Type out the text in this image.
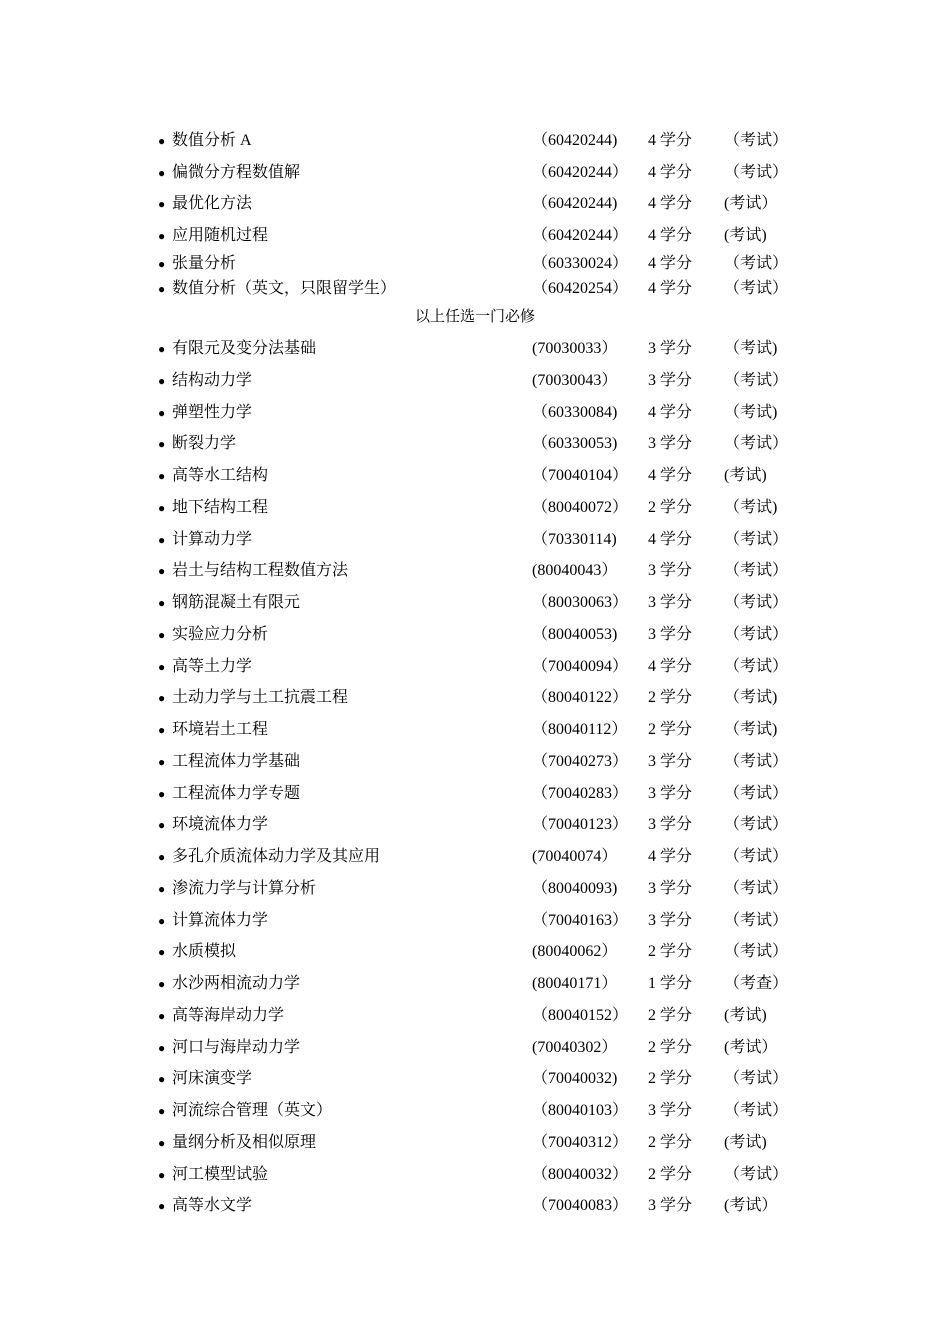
● 数值分析 A	（60420244) 4 学分 （考试）
● 偏微分方程数值解	（60420244） 4 学分 （考试）
● 最优化方法	（60420244) 4 学分 (考试）
● 应用随机过程	（60420244） 4 学分 (考试)
● 张量分析	（60330024） 4 学分 （考试）
● 数值分析（英文，只限留学生）	（60420254） 4 学分 （考试）
以上任选一门必修
● 有限元及变分法基础	(70030033） 3 学分 （考试)
● 结构动力学	(70030043） 3 学分 （考试）
● 弹塑性力学	（60330084) 4 学分 （考试)
● 断裂力学	（60330053) 3 学分 （考试）
● 高等水工结构	（70040104） 4 学分 (考试)
● 地下结构工程	（80040072） 2 学分 （考试)
● 计算动力学	（70330114) 4 学分 （考试）
● 岩土与结构工程数值方法	(80040043） 3 学分 （考试）
● 钢筋混凝土有限元	（80030063） 3 学分 （考试）
● 实验应力分析	（80040053) 3 学分 （考试）
● 高等土力学	（70040094） 4 学分 （考试）
● 土动力学与土工抗震工程	（80040122） 2 学分 （考试)
● 环境岩土工程	（80040112） 2 学分 （考试)
● 工程流体力学基础	（70040273） 3 学分 （考试）
● 工程流体力学专题	（70040283） 3 学分 （考试）
● 环境流体力学	（70040123） 3 学分 （考试）
● 多孔介质流体动力学及其应用	(70040074） 4 学分 （考试）
● 渗流力学与计算分析	（80040093) 3 学分 （考试）
● 计算流体力学	（70040163） 3 学分 （考试）
● 水质模拟	(80040062） 2 学分 （考试）
● 水沙两相流动力学	(80040171） 1 学分 （考查）
● 高等海岸动力学	（80040152） 2 学分 (考试)
● 河口与海岸动力学	(70040302） 2 学分 (考试）
● 河床演变学	（70040032) 2 学分 （考试）
● 河流综合管理（英文）	（80040103） 3 学分 （考试）
● 量纲分析及相似原理	（70040312） 2 学分 (考试)
● 河工模型试验	（80040032） 2 学分 （考试）
● 高等水文学	（70040083） 3 学分 (考试）
